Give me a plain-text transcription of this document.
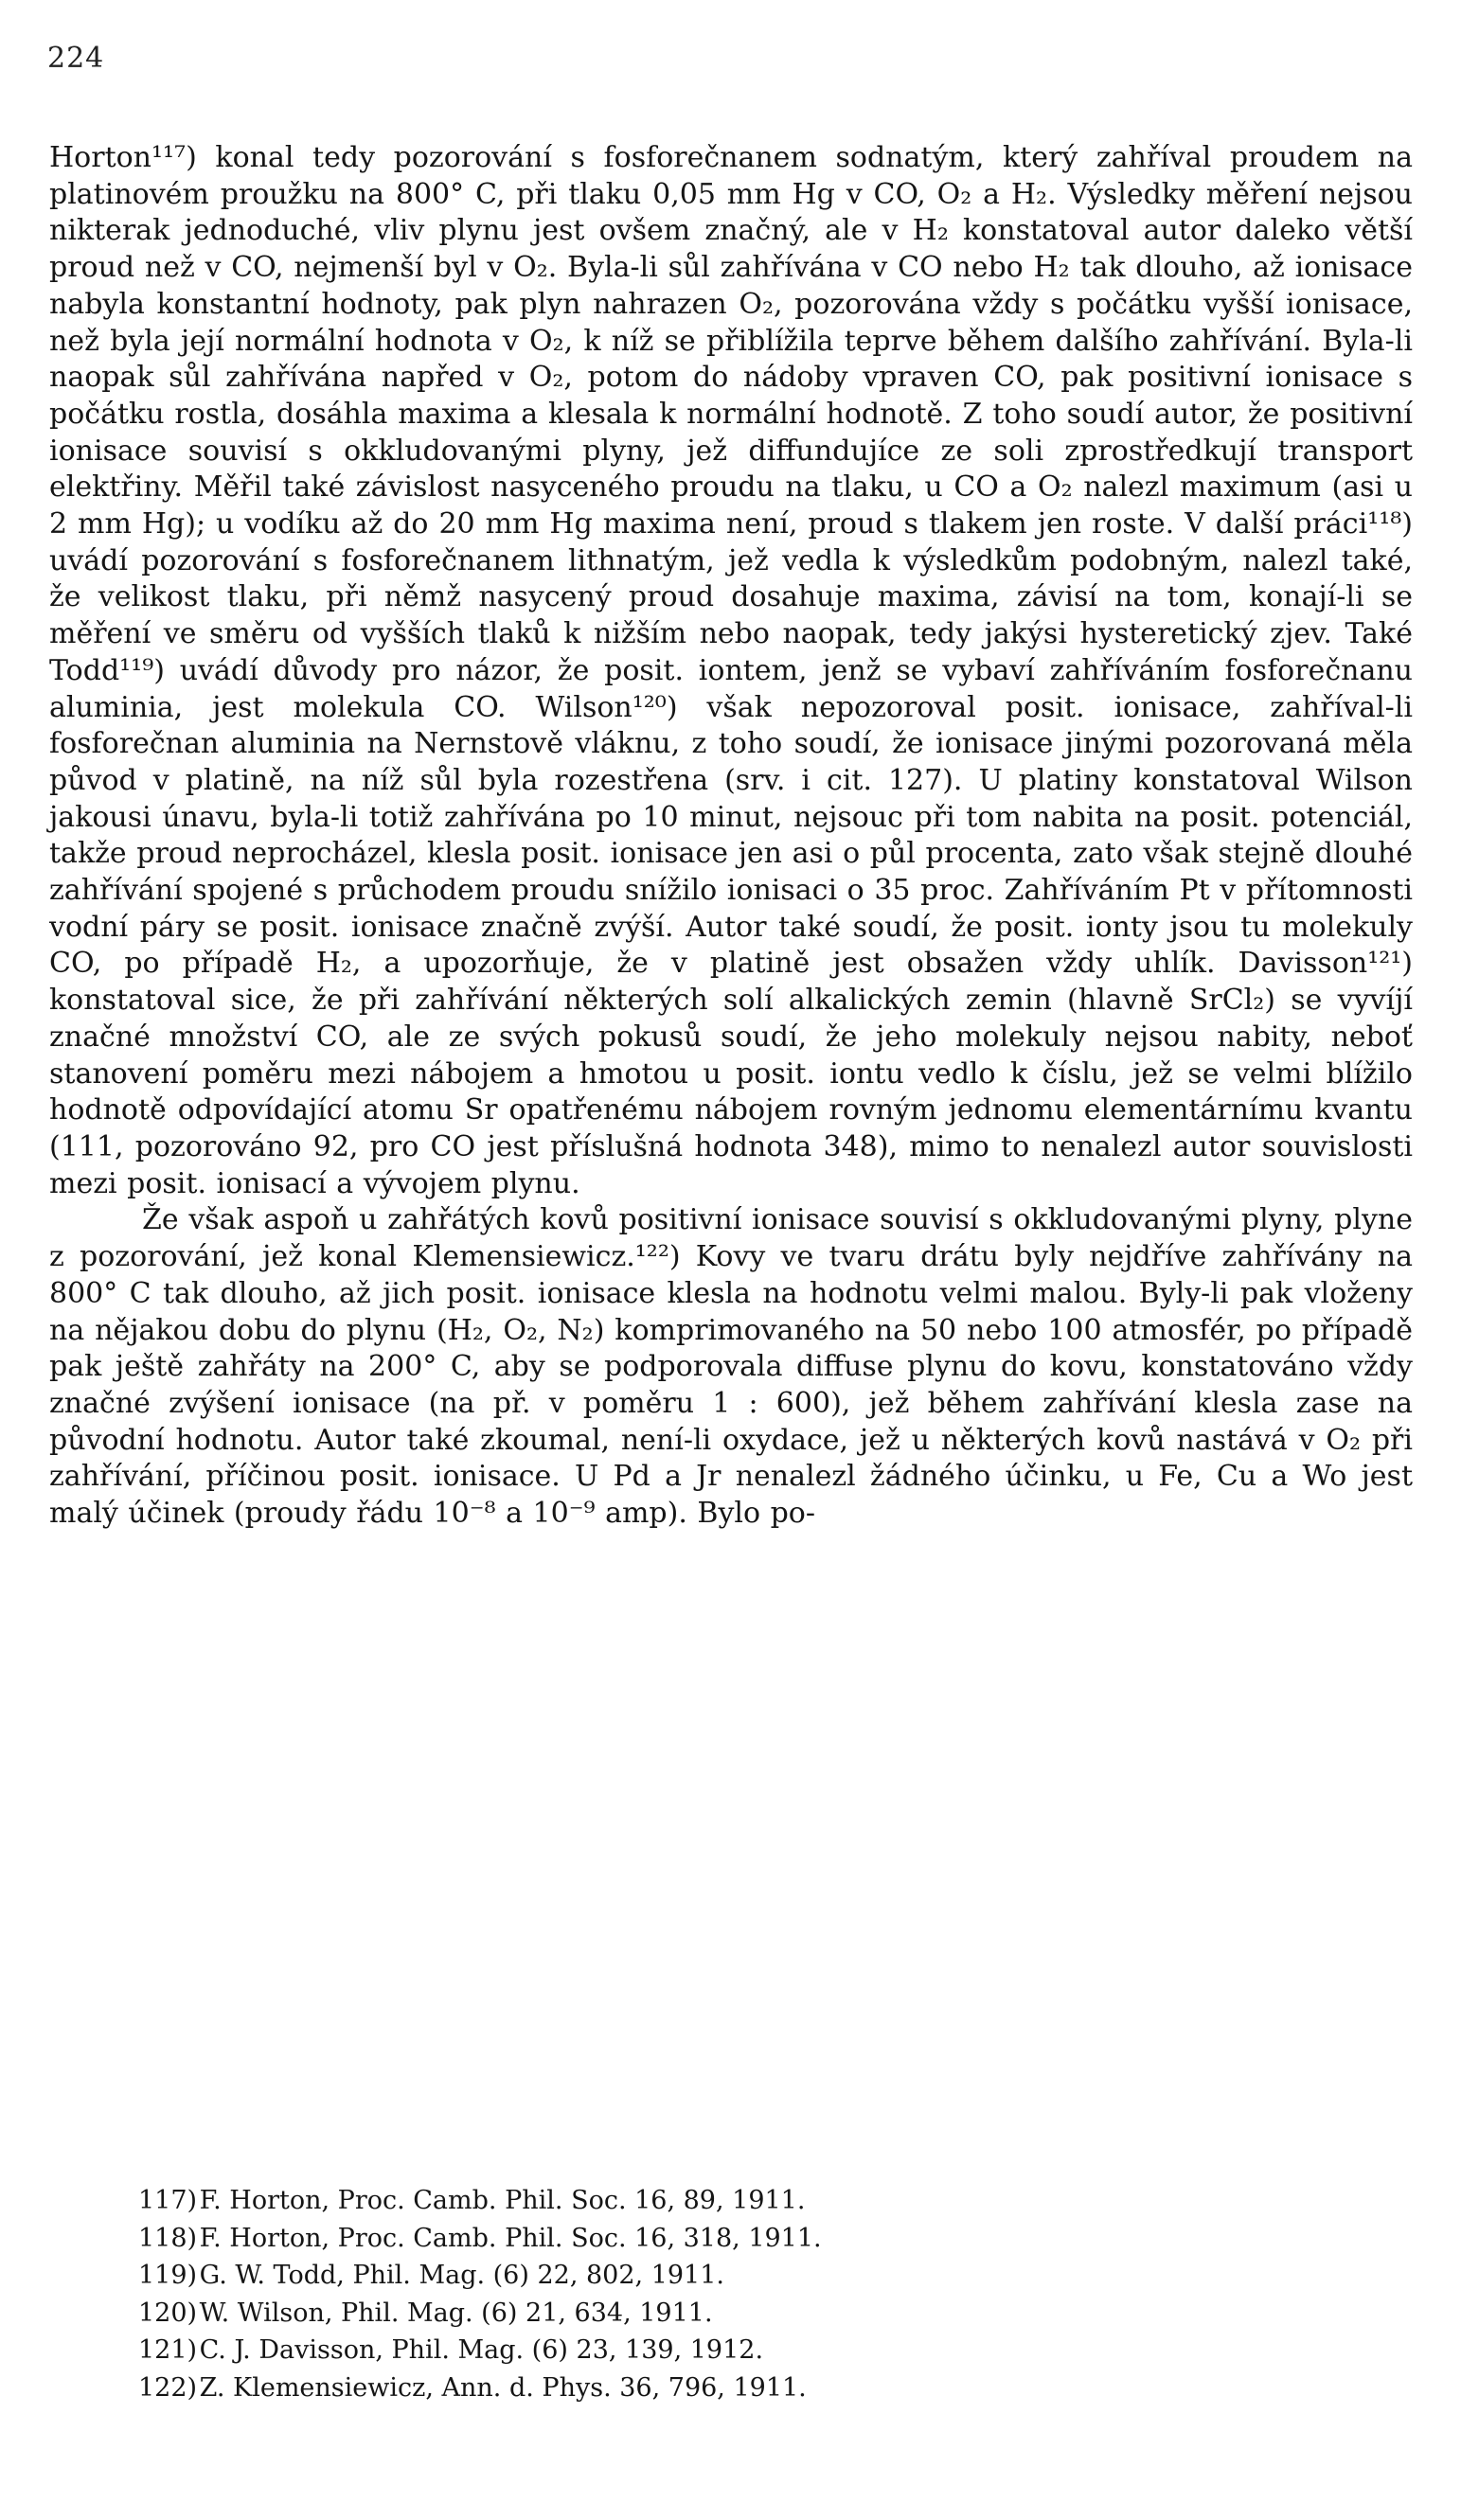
224

Horton¹¹⁷) konal tedy pozorování s fosforečnanem sodnatým, který zahříval proudem na platinovém proužku na 800° C, při tlaku 0,05 mm Hg v CO, O₂ a H₂. Výsledky měření nejsou nikterak jednoduché, vliv plynu jest ovšem značný, ale v H₂ konstatoval autor daleko větší proud než v CO, nejmenší byl v O₂. Byla-li sůl zahřívána v CO nebo H₂ tak dlouho, až ionisace nabyla konstantní hodnoty, pak plyn nahrazen O₂, pozorována vždy s počátku vyšší ionisace, než byla její normální hodnota v O₂, k níž se přiblížila teprve během dalšího zahřívání. Byla-li naopak sůl zahřívána napřed v O₂, potom do nádoby vpraven CO, pak positivní ionisace s počátku rostla, dosáhla maxima a klesala k normální hodnotě. Z toho soudí autor, že positivní ionisace souvisí s okkludovanými plyny, jež diffundujíce ze soli zprostředkují transport elektřiny. Měřil také závislost nasyceného proudu na tlaku, u CO a O₂ nalezl maximum (asi u 2 mm Hg); u vodíku až do 20 mm Hg maxima není, proud s tlakem jen roste. V další práci¹¹⁸) uvádí pozorování s fosforečnanem lithnatým, jež vedla k výsledkům podobným, nalezl také, že velikost tlaku, při němž nasycený proud dosahuje maxima, závisí na tom, konají-li se měření ve směru od vyšších tlaků k nižším nebo naopak, tedy jakýsi hysteretický zjev. Také Todd¹¹⁹) uvádí důvody pro názor, že posit. iontem, jenž se vybaví zahříváním fosforečnanu aluminia, jest molekula CO. Wilson¹²⁰) však nepozoroval posit. ionisace, zahříval-li fosforečnan aluminia na Nernstově vláknu, z toho soudí, že ionisace jinými pozorovaná měla původ v platině, na níž sůl byla rozestřena (srv. i cit. 127). U platiny konstatoval Wilson jakousi únavu, byla-li totiž zahřívána po 10 minut, nejsouc při tom nabita na posit. potenciál, takže proud neprocházel, klesla posit. ionisace jen asi o půl procenta, zato však stejně dlouhé zahřívání spojené s průchodem proudu snížilo ionisaci o 35 proc. Zahříváním Pt v přítomnosti vodní páry se posit. ionisace značně zvýší. Autor také soudí, že posit. ionty jsou tu molekuly CO, po případě H₂, a upozorňuje, že v platině jest obsažen vždy uhlík. Davisson¹²¹) konstatoval sice, že při zahřívání některých solí alkalických zemin (hlavně SrCl₂) se vyvíjí značné množství CO, ale ze svých pokusů soudí, že jeho molekuly nejsou nabity, neboť stanovení poměru mezi nábojem a hmotou u posit. iontu vedlo k číslu, jež se velmi blížilo hodnotě odpovídající atomu Sr opatřenému nábojem rovným jednomu elementárnímu kvantu (111, pozorováno 92, pro CO jest příslušná hodnota 348), mimo to nenalezl autor souvislosti mezi posit. ionisací a vývojem plynu.

Že však aspoň u zahřátých kovů positivní ionisace souvisí s okkludovanými plyny, plyne z pozorování, jež konal Klemensiewicz.¹²²) Kovy ve tvaru drátu byly nejdříve zahřívány na 800° C tak dlouho, až jich posit. ionisace klesla na hodnotu velmi malou. Byly-li pak vloženy na nějakou dobu do plynu (H₂, O₂, N₂) komprimovaného na 50 nebo 100 atmosfér, po případě pak ještě zahřáty na 200° C, aby se podporovala diffuse plynu do kovu, konstatováno vždy značné zvýšení ionisace (na př. v poměru 1 : 600), jež během zahřívání klesla zase na původní hodnotu. Autor také zkoumal, není-li oxydace, jež u některých kovů nastává v O₂ při zahřívání, příčinou posit. ionisace. U Pd a Jr nenalezl žádného účinku, u Fe, Cu a Wo jest malý účinek (proudy řádu 10⁻⁸ a 10⁻⁹ amp). Bylo po-

117) F. Horton, Proc. Camb. Phil. Soc. 16, 89, 1911.
118) F. Horton, Proc. Camb. Phil. Soc. 16, 318, 1911.
119) G. W. Todd, Phil. Mag. (6) 22, 802, 1911.
120) W. Wilson, Phil. Mag. (6) 21, 634, 1911.
121) C. J. Davisson, Phil. Mag. (6) 23, 139, 1912.
122) Z. Klemensiewicz, Ann. d. Phys. 36, 796, 1911.
